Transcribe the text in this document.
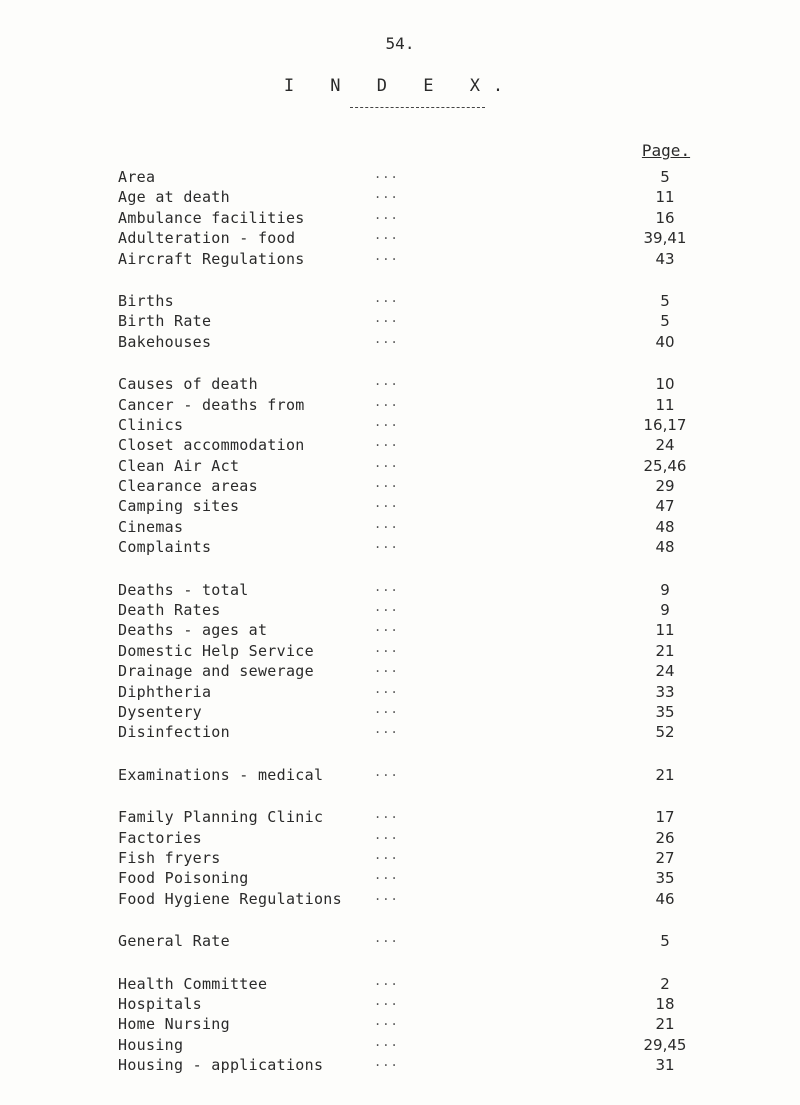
54.
I N D E X.
Page.
Area	...	5
Age at death	...	11
Ambulance facilities	...	16
Adulteration - food	...	39,41
Aircraft Regulations	...	43
Births	...	5
Birth Rate	...	5
Bakehouses	...	40
Causes of death	...	10
Cancer - deaths from	...	11
Clinics	...	16,17
Closet accommodation	...	24
Clean Air Act	...	25,46
Clearance areas	...	29
Camping sites	...	47
Cinemas	...	48
Complaints	...	48
Deaths - total	...	9
Death Rates	...	9
Deaths - ages at	...	11
Domestic Help Service	...	21
Drainage and sewerage	...	24
Diphtheria	...	33
Dysentery	...	35
Disinfection	...	52
Examinations - medical	...	21
Family Planning Clinic	...	17
Factories	...	26
Fish fryers	...	27
Food Poisoning	...	35
Food Hygiene Regulations	...	46
General Rate	...	5
Health Committee	...	2
Hospitals	...	18
Home Nursing	...	21
Housing	...	29,45
Housing - applications	...	31
